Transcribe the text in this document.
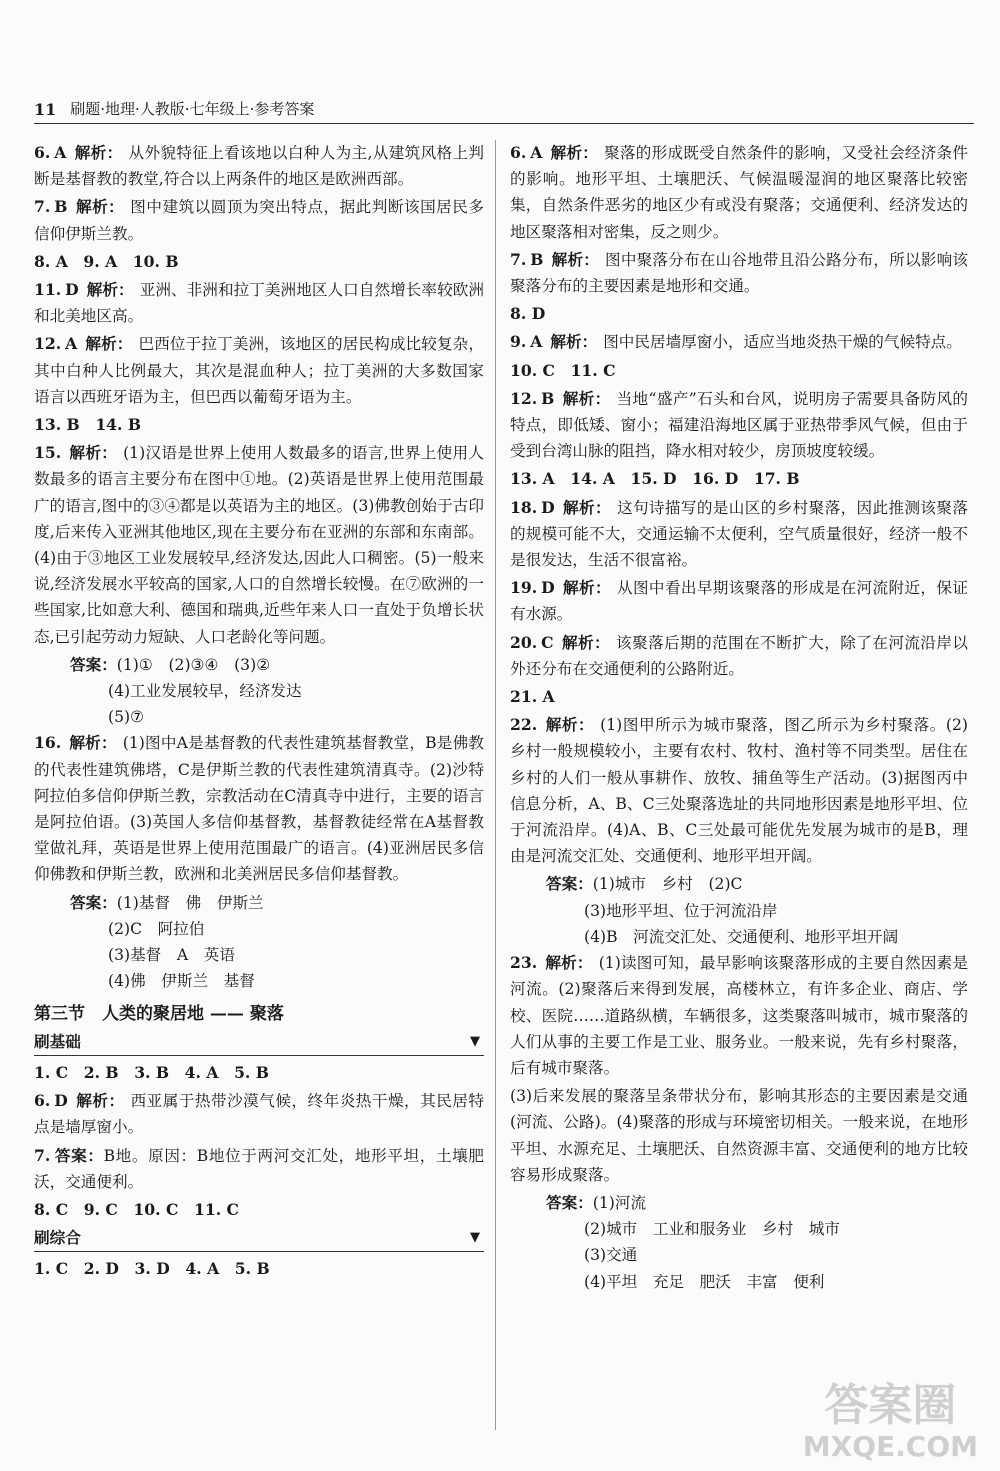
11 刷题·地理·人教版·七年级上·参考答案
6. A 解析： 从外貌特征上看该地以白种人为主,从建筑风格上判断是基督教的教堂,符合以上两条件的地区是欧洲西部。
7. B 解析： 图中建筑以圆顶为突出特点，据此判断该国居民多信仰伊斯兰教。
8. A　9. A　10. B
11. D 解析： 亚洲、非洲和拉丁美洲地区人口自然增长率较欧洲和北美地区高。
12. A 解析： 巴西位于拉丁美洲，该地区的居民构成比较复杂，其中白种人比例最大，其次是混血种人；拉丁美洲的大多数国家语言以西班牙语为主，但巴西以葡萄牙语为主。
13. B　14. B
15. 解析： (1)汉语是世界上使用人数最多的语言,世界上使用人数最多的语言主要分布在图中①地。(2)英语是世界上使用范围最广的语言,图中的③④都是以英语为主的地区。(3)佛教创始于古印度,后来传入亚洲其他地区,现在主要分布在亚洲的东部和东南部。(4)由于③地区工业发展较早,经济发达,因此人口稠密。(5)一般来说,经济发展水平较高的国家,人口的自然增长较慢。在⑦欧洲的一些国家,比如意大利、德国和瑞典,近些年来人口一直处于负增长状态,已引起劳动力短缺、人口老龄化等问题。
答案：(1)①　(2)③④　(3)②
(4)工业发展较早，经济发达
(5)⑦
16. 解析： (1)图中A是基督教的代表性建筑基督教堂，B是佛教的代表性建筑佛塔，C是伊斯兰教的代表性建筑清真寺。(2)沙特阿拉伯多信仰伊斯兰教，宗教活动在C清真寺中进行，主要的语言是阿拉伯语。(3)英国人多信仰基督教，基督教徒经常在A基督教堂做礼拜，英语是世界上使用范围最广的语言。(4)亚洲居民多信仰佛教和伊斯兰教，欧洲和北美洲居民多信仰基督教。
答案：(1)基督　佛　伊斯兰
(2)C　阿拉伯
(3)基督　A　英语
(4)佛　伊斯兰　基督
第三节　人类的聚居地 —— 聚落
刷基础	▼
1. C　2. B　3. B　4. A　5. B
6. D 解析： 西亚属于热带沙漠气候，终年炎热干燥，其民居特点是墙厚窗小。
7. 答案：B地。原因：B地位于两河交汇处，地形平坦，土壤肥沃，交通便利。
8. C　9. C　10. C　11. C
刷综合	▼
1. C　2. D　3. D　4. A　5. B
6. A 解析： 聚落的形成既受自然条件的影响，又受社会经济条件的影响。地形平坦、土壤肥沃、气候温暖湿润的地区聚落比较密集，自然条件恶劣的地区少有或没有聚落；交通便利、经济发达的地区聚落相对密集，反之则少。
7. B 解析： 图中聚落分布在山谷地带且沿公路分布，所以影响该聚落分布的主要因素是地形和交通。
8. D
9. A 解析： 图中民居墙厚窗小，适应当地炎热干燥的气候特点。
10. C　11. C
12. B 解析： 当地“盛产”石头和台风，说明房子需要具备防风的特点，即低矮、窗小；福建沿海地区属于亚热带季风气候，但由于受到台湾山脉的阻挡，降水相对较少，房顶坡度较缓。
13. A　14. A　15. D　16. D　17. B
18. D 解析： 这句诗描写的是山区的乡村聚落，因此推测该聚落的规模可能不大，交通运输不太便利，空气质量很好，经济一般不是很发达，生活不很富裕。
19. D 解析： 从图中看出早期该聚落的形成是在河流附近，保证有水源。
20. C 解析： 该聚落后期的范围在不断扩大，除了在河流沿岸以外还分布在交通便利的公路附近。
21. A
22. 解析： (1)图甲所示为城市聚落，图乙所示为乡村聚落。(2)乡村一般规模较小，主要有农村、牧村、渔村等不同类型。居住在乡村的人们一般从事耕作、放牧、捕鱼等生产活动。(3)据图丙中信息分析，A、B、C三处聚落选址的共同地形因素是地形平坦、位于河流沿岸。(4)A、B、C三处最可能优先发展为城市的是B，理由是河流交汇处、交通便利、地形平坦开阔。
答案：(1)城市　乡村　(2)C
(3)地形平坦、位于河流沿岸
(4)B　河流交汇处、交通便利、地形平坦开阔
23. 解析： (1)读图可知，最早影响该聚落形成的主要自然因素是河流。(2)聚落后来得到发展，高楼林立，有许多企业、商店、学校、医院……道路纵横，车辆很多，这类聚落叫城市，城市聚落的人们从事的主要工作是工业、服务业。一般来说，先有乡村聚落，后有城市聚落。
(3)后来发展的聚落呈条带状分布，影响其形态的主要因素是交通(河流、公路)。(4)聚落的形成与环境密切相关。一般来说，在地形平坦、水源充足、土壤肥沃、自然资源丰富、交通便利的地方比较容易形成聚落。
答案：(1)河流
(2)城市　工业和服务业　乡村　城市
(3)交通
(4)平坦　充足　肥沃　丰富　便利
答案圈
MXQE.COM
